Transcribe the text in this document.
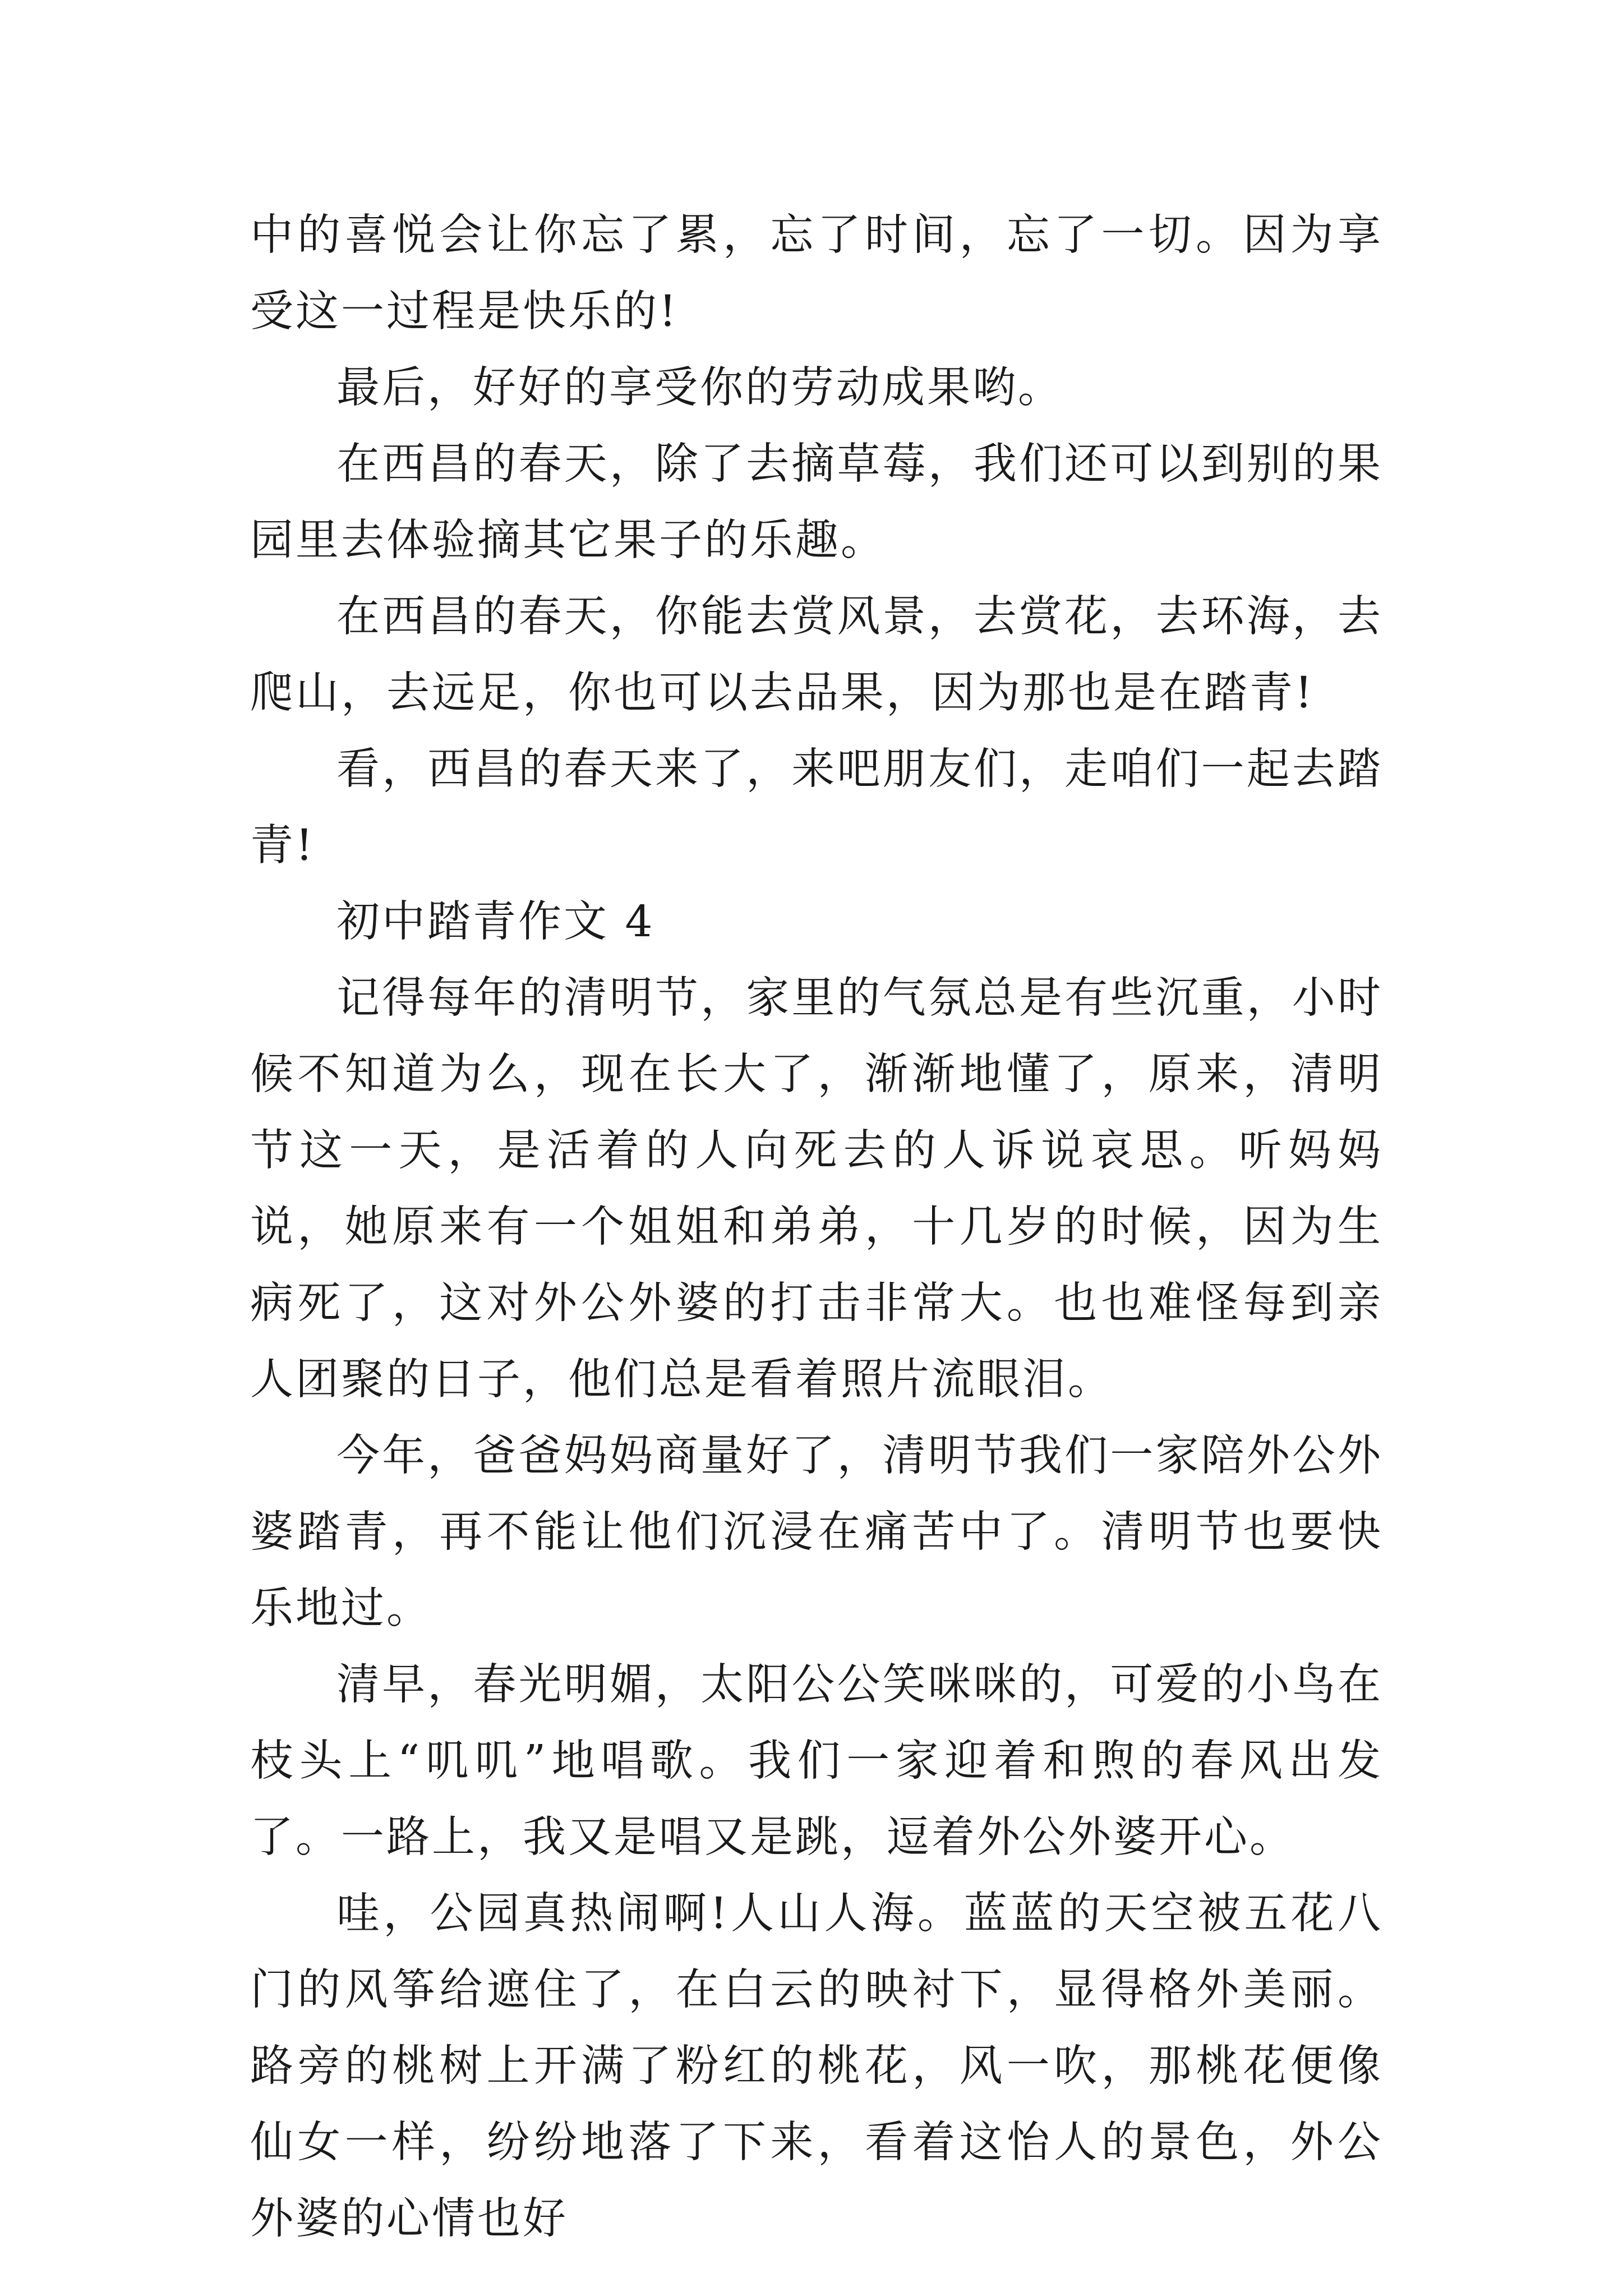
中的喜悦会让你忘了累，忘了时间，忘了一切。因为享受这一过程是快乐的!

最后，好好的享受你的劳动成果哟。

在西昌的春天，除了去摘草莓，我们还可以到别的果园里去体验摘其它果子的乐趣。

在西昌的春天，你能去赏风景，去赏花，去环海，去爬山，去远足，你也可以去品果，因为那也是在踏青!

看，西昌的春天来了，来吧朋友们，走咱们一起去踏青!

初中踏青作文 4

记得每年的清明节，家里的气氛总是有些沉重，小时候不知道为么，现在长大了，渐渐地懂了，原来，清明节这一天，是活着的人向死去的人诉说哀思。听妈妈说，她原来有一个姐姐和弟弟，十几岁的时候，因为生病死了，这对外公外婆的打击非常大。也也难怪每到亲人团聚的日子，他们总是看着照片流眼泪。

今年，爸爸妈妈商量好了，清明节我们一家陪外公外婆踏青，再不能让他们沉浸在痛苦中了。清明节也要快乐地过。

清早，春光明媚，太阳公公笑咪咪的，可爱的小鸟在枝头上“叽叽”地唱歌。我们一家迎着和煦的春风出发了。一路上，我又是唱又是跳，逗着外公外婆开心。

哇，公园真热闹啊!人山人海。蓝蓝的天空被五花八门的风筝给遮住了，在白云的映衬下，显得格外美丽。路旁的桃树上开满了粉红的桃花，风一吹，那桃花便像仙女一样，纷纷地落了下来，看着这怡人的景色，外公外婆的心情也好
